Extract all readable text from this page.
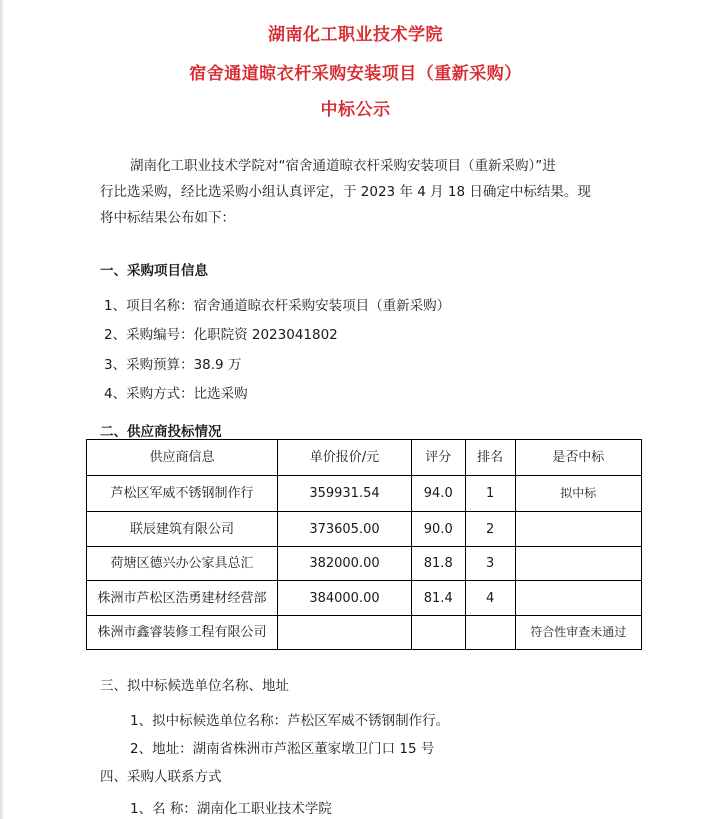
湖南化工职业技术学院
宿舍通道晾衣杆采购安装项目（重新采购）
中标公示
湖南化工职业技术学院对“宿舍通道晾衣杆采购安装项目（重新采购）”进
行比选采购，经比选采购小组认真评定，于 2023 年 4 月 18 日确定中标结果。现
将中标结果公布如下：
一、采购项目信息
1、项目名称：宿舍通道晾衣杆采购安装项目（重新采购）
2、采购编号：化职院资 2023041802
3、采购预算：38.9 万
4、采购方式：比选采购
二、供应商投标情况
供应商信息	单价报价/元	评分	排名	是否中标
芦松区军威不锈钢制作行	359931.54	94.0	1	拟中标
联辰建筑有限公司	373605.00	90.0	2	
荷塘区德兴办公家具总汇	382000.00	81.8	3	
株洲市芦松区浩勇建材经营部	384000.00	81.4	4	
株洲市鑫睿装修工程有限公司				符合性审查未通过
三、拟中标候选单位名称、地址
1、拟中标候选单位名称：芦松区军威不锈钢制作行。
2、地址：湖南省株洲市芦淞区董家墩卫门口 15 号
四、采购人联系方式
1、名 称：湖南化工职业技术学院
